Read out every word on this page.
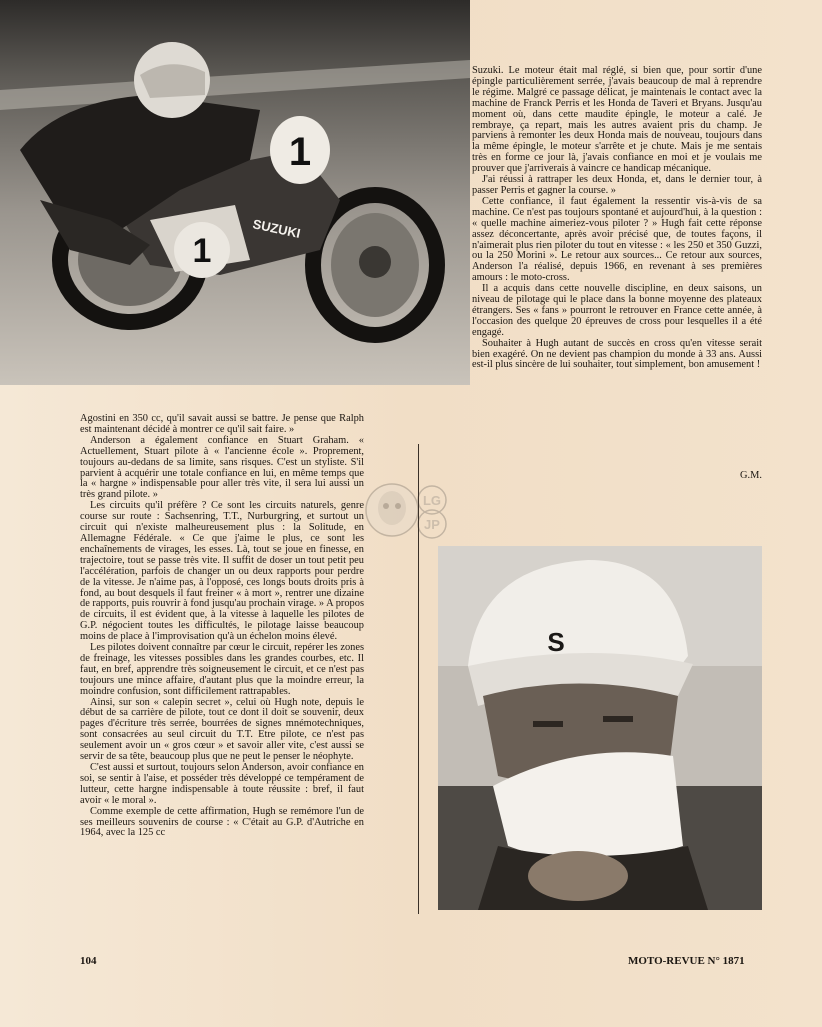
1
SUZUKI
1

Suzuki. Le moteur était mal réglé, si bien que, pour sortir d'une épingle particulièrement serrée, j'avais beaucoup de mal à reprendre le régime. Malgré ce passage délicat, je maintenais le contact avec la machine de Franck Perris et les Honda de Taveri et Bryans. Jusqu'au moment où, dans cette maudite épingle, le moteur a calé. Je rembraye, ça repart, mais les autres avaient pris du champ. Je parviens à remonter les deux Honda mais de nouveau, toujours dans la même épingle, le moteur s'arrête et je chute. Mais je me sentais très en forme ce jour là, j'avais confiance en moi et je voulais me prouver que j'arriverais à vaincre ce handicap mécanique.

J'ai réussi à rattraper les deux Honda, et, dans le dernier tour, à passer Perris et gagner la course. »

Cette confiance, il faut également la ressentir vis-à-vis de sa machine. Ce n'est pas toujours spontané et aujourd'hui, à la question : « quelle machine aimeriez-vous piloter ? » Hugh fait cette réponse assez déconcertante, après avoir précisé que, de toutes façons, il n'aimerait plus rien piloter du tout en vitesse : « les 250 et 350 Guzzi, ou la 250 Morini ». Le retour aux sources... Ce retour aux sources, Anderson l'a réalisé, depuis 1966, en revenant à ses premières amours : le moto-cross.

Il a acquis dans cette nouvelle discipline, en deux saisons, un niveau de pilotage qui le place dans la bonne moyenne des plateaux étrangers. Ses « fans » pourront le retrouver en France cette année, à l'occasion des quelque 20 épreuves de cross pour lesquelles il a été engagé.

Souhaiter à Hugh autant de succès en cross qu'en vitesse serait bien exagéré. On ne devient pas champion du monde à 33 ans. Aussi est-il plus sincère de lui souhaiter, tout simplement, bon amusement !

G.M.
LG
JP

Agostini en 350 cc, qu'il savait aussi se battre. Je pense que Ralph est maintenant décidé à montrer ce qu'il sait faire. »

Anderson a également confiance en Stuart Graham. « Actuellement, Stuart pilote à « l'ancienne école ». Proprement, toujours au-dedans de sa limite, sans risques. C'est un styliste. S'il parvient à acquérir une totale confiance en lui, en même temps que la « hargne » indispensable pour aller très vite, il sera lui aussi un très grand pilote. »

Les circuits qu'il préfère ? Ce sont les circuits naturels, genre course sur route : Sachsenring, T.T., Nurburgring, et surtout un circuit qui n'existe malheureusement plus : la Solitude, en Allemagne Fédérale. « Ce que j'aime le plus, ce sont les enchaînements de virages, les esses. Là, tout se joue en finesse, en trajectoire, tout se passe très vite. Il suffit de doser un tout petit peu l'accélération, parfois de changer un ou deux rapports pour perdre de la vitesse. Je n'aime pas, à l'opposé, ces longs bouts droits pris à fond, au bout desquels il faut freiner « à mort », rentrer une dizaine de rapports, puis rouvrir à fond jusqu'au prochain virage. » A propos de circuits, il est évident que, à la vitesse à laquelle les pilotes de G.P. négocient toutes les difficultés, le pilotage laisse beaucoup moins de place à l'improvisation qu'à un échelon moins élevé.

Les pilotes doivent connaître par cœur le circuit, repérer les zones de freinage, les vitesses possibles dans les grandes courbes, etc. Il faut, en bref, apprendre très soigneusement le circuit, et ce n'est pas toujours une mince affaire, d'autant plus que la moindre erreur, la moindre confusion, sont difficilement rattrapables.

Ainsi, sur son « calepin secret », celui où Hugh note, depuis le début de sa carrière de pilote, tout ce dont il doit se souvenir, deux pages d'écriture très serrée, bourrées de signes mnémotechniques, sont consacrées au seul circuit du T.T. Etre pilote, ce n'est pas seulement avoir un « gros cœur » et savoir aller vite, c'est aussi se servir de sa tête, beaucoup plus que ne peut le penser le néophyte.

C'est aussi et surtout, toujours selon Anderson, avoir confiance en soi, se sentir à l'aise, et posséder très développé ce tempérament de lutteur, cette hargne indispensable à toute réussite : bref, il faut avoir « le moral ».

Comme exemple de cette affirmation, Hugh se remémore l'un de ses meilleurs souvenirs de course : « C'était au G.P. d'Autriche en 1964, avec la 125 cc

S
104	MOTO-REVUE N° 1871
